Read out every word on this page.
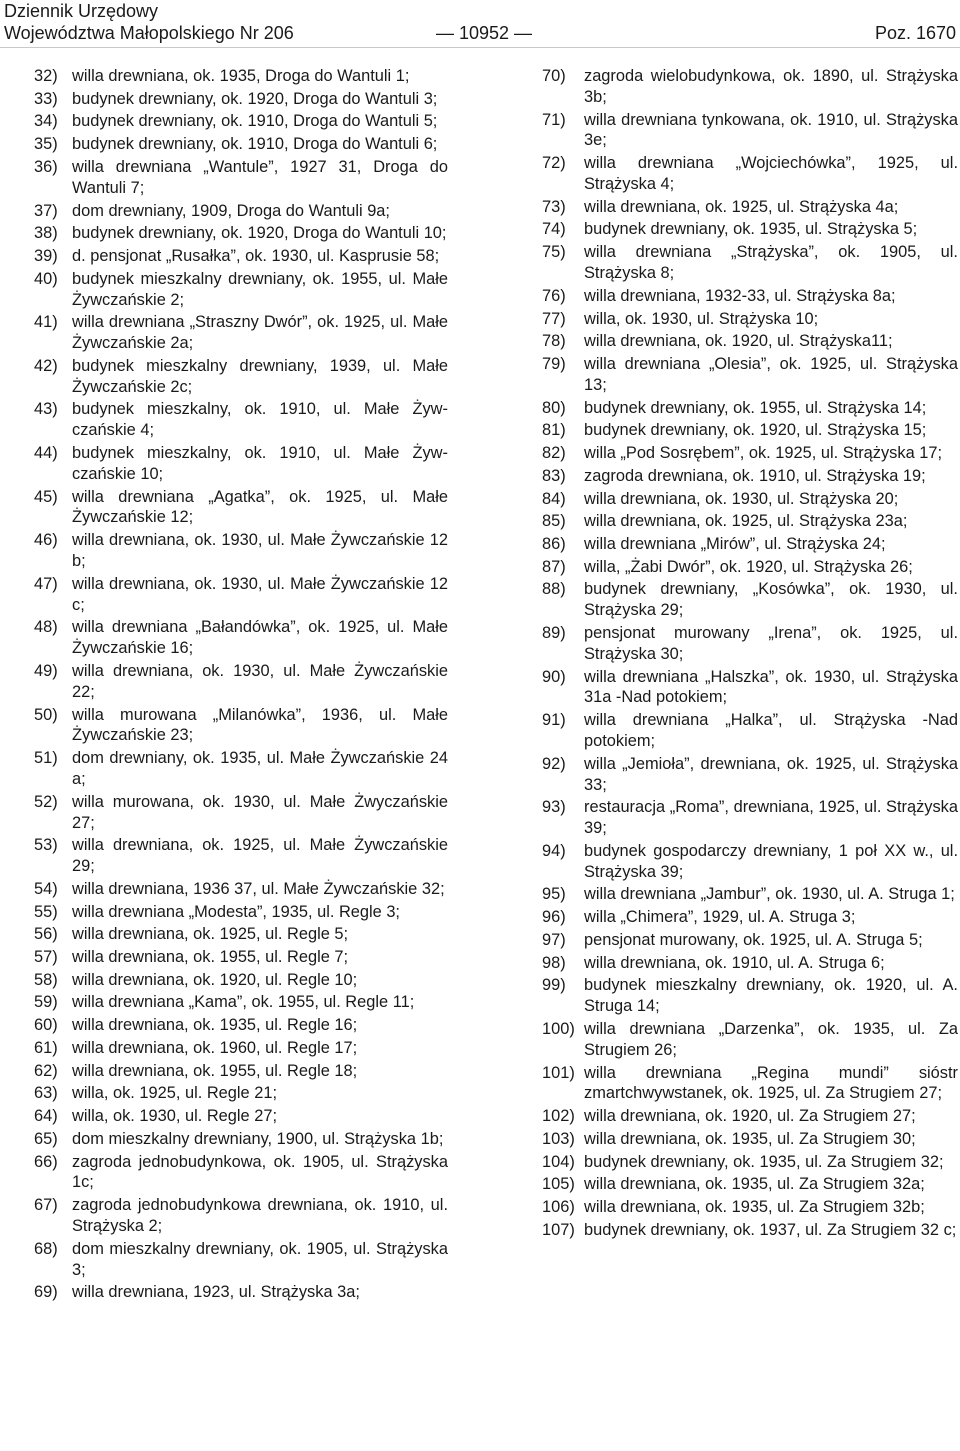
Dziennik Urzędowy
Województwa Małopolskiego Nr 206	— 10952 —	Poz. 1670
32) willa drewniana, ok. 1935, Droga do Wantuli 1;
33) budynek drewniany, ok. 1920, Droga do Wantuli 3;
34) budynek drewniany, ok. 1910, Droga do Wantuli 5;
35) budynek drewniany, ok. 1910, Droga do Wantuli 6;
36) willa drewniana „Wantule”, 1927 31, Droga do Wantuli 7;
37) dom drewniany, 1909, Droga do Wantuli 9a;
38) budynek drewniany, ok. 1920, Droga do Wantuli 10;
39) d. pensjonat „Rusałka”, ok. 1930, ul. Kasprusie 58;
40) budynek mieszkalny drewniany, ok. 1955, ul. Małe Żywczańskie 2;
41) willa drewniana „Straszny Dwór”, ok. 1925, ul. Małe Żywczańskie 2a;
42) budynek mieszkalny drewniany, 1939, ul. Małe Żywczańskie 2c;
43) budynek mieszkalny, ok. 1910, ul. Małe Żywczańskie 4;
44) budynek mieszkalny, ok. 1910, ul. Małe Żywczańskie 10;
45) willa drewniana „Agatka”, ok. 1925, ul. Małe Żywczańskie 12;
46) willa drewniana, ok. 1930, ul. Małe Żywczańskie 12 b;
47) willa drewniana, ok. 1930, ul. Małe Żywczańskie 12 c;
48) willa drewniana „Bałandówka”, ok. 1925, ul. Małe Żywczańskie 16;
49) willa drewniana, ok. 1930, ul. Małe Żywczańskie 22;
50) willa murowana „Milanówka”, 1936, ul. Małe Żywczańskie 23;
51) dom drewniany, ok. 1935, ul. Małe Żywczańskie 24 a;
52) willa murowana, ok. 1930, ul. Małe Żwyczańskie 27;
53) willa drewniana, ok. 1925, ul. Małe Żywczańskie 29;
54) willa drewniana, 1936 37, ul. Małe Żywczańskie 32;
55) willa drewniana „Modesta”, 1935, ul. Regle 3;
56) willa drewniana, ok. 1925, ul. Regle 5;
57) willa drewniana, ok. 1955, ul. Regle 7;
58) willa drewniana, ok. 1920, ul. Regle 10;
59) willa drewniana „Kama”, ok. 1955, ul. Regle 11;
60) willa drewniana, ok. 1935, ul. Regle 16;
61) willa drewniana, ok. 1960, ul. Regle 17;
62) willa drewniana, ok. 1955, ul. Regle 18;
63) willa, ok. 1925, ul. Regle 21;
64) willa, ok. 1930, ul. Regle 27;
65) dom mieszkalny drewniany, 1900, ul. Strążyska 1b;
66) zagroda jednobudynkowa, ok. 1905, ul. Strążyska 1c;
67) zagroda jednobudynkowa drewniana, ok. 1910, ul. Strążyska 2;
68) dom mieszkalny drewniany, ok. 1905, ul. Strążyska 3;
69) willa drewniana, 1923, ul. Strążyska 3a;
70) zagroda wielobudynkowa, ok. 1890, ul. Strążyska 3b;
71) willa drewniana tynkowana, ok. 1910, ul. Strążyska 3e;
72) willa drewniana „Wojciechówka”, 1925, ul. Strążyska 4;
73) willa drewniana, ok. 1925, ul. Strążyska 4a;
74) budynek drewniany, ok. 1935, ul. Strążyska 5;
75) willa drewniana „Strążyska”, ok. 1905, ul. Strążyska 8;
76) willa drewniana, 1932-33, ul. Strążyska 8a;
77) willa, ok. 1930, ul. Strążyska 10;
78) willa drewniana, ok. 1920, ul. Strążyska11;
79) willa drewniana „Olesia”, ok. 1925, ul. Strążyska 13;
80) budynek drewniany, ok. 1955, ul. Strążyska 14;
81) budynek drewniany, ok. 1920, ul. Strążyska 15;
82) willa „Pod Sosrębem”, ok. 1925, ul. Strążyska 17;
83) zagroda drewniana, ok. 1910, ul. Strążyska 19;
84) willa drewniana, ok. 1930, ul. Strążyska 20;
85) willa drewniana, ok. 1925, ul. Strążyska 23a;
86) willa drewniana „Mirów”, ul. Strążyska 24;
87) willa, „Żabi Dwór”, ok. 1920, ul. Strążyska 26;
88) budynek drewniany, „Kosówka”, ok. 1930, ul. Strążyska 29;
89) pensjonat murowany „Irena”, ok. 1925, ul. Strążyska 30;
90) willa drewniana „Halszka”, ok. 1930, ul. Strążyska 31a -Nad potokiem;
91) willa drewniana „Halka”, ul. Strążyska -Nad potokiem;
92) willa „Jemioła”, drewniana, ok. 1925, ul. Strążyska 33;
93) restauracja „Roma”, drewniana, 1925, ul. Strążyska 39;
94) budynek gospodarczy drewniany, 1 poł XX w., ul. Strążyska 39;
95) willa drewniana „Jambur”, ok. 1930, ul. A. Struga 1;
96) willa „Chimera”, 1929, ul. A. Struga 3;
97) pensjonat murowany, ok. 1925, ul. A. Struga 5;
98) willa drewniana, ok. 1910, ul. A. Struga 6;
99) budynek mieszkalny drewniany, ok. 1920, ul. A. Struga 14;
100) willa drewniana „Darzenka”, ok. 1935, ul. Za Strugiem 26;
101) willa drewniana „Regina mundi” sióstr zmartchwywstanek, ok. 1925, ul. Za Strugiem 27;
102) willa drewniana, ok. 1920, ul. Za Strugiem 27;
103) willa drewniana, ok. 1935, ul. Za Strugiem 30;
104) budynek drewniany, ok. 1935, ul. Za Strugiem 32;
105) willa drewniana, ok. 1935, ul. Za Strugiem 32a;
106) willa drewniana, ok. 1935, ul. Za Strugiem 32b;
107) budynek drewniany, ok. 1937, ul. Za Strugiem 32 c;
